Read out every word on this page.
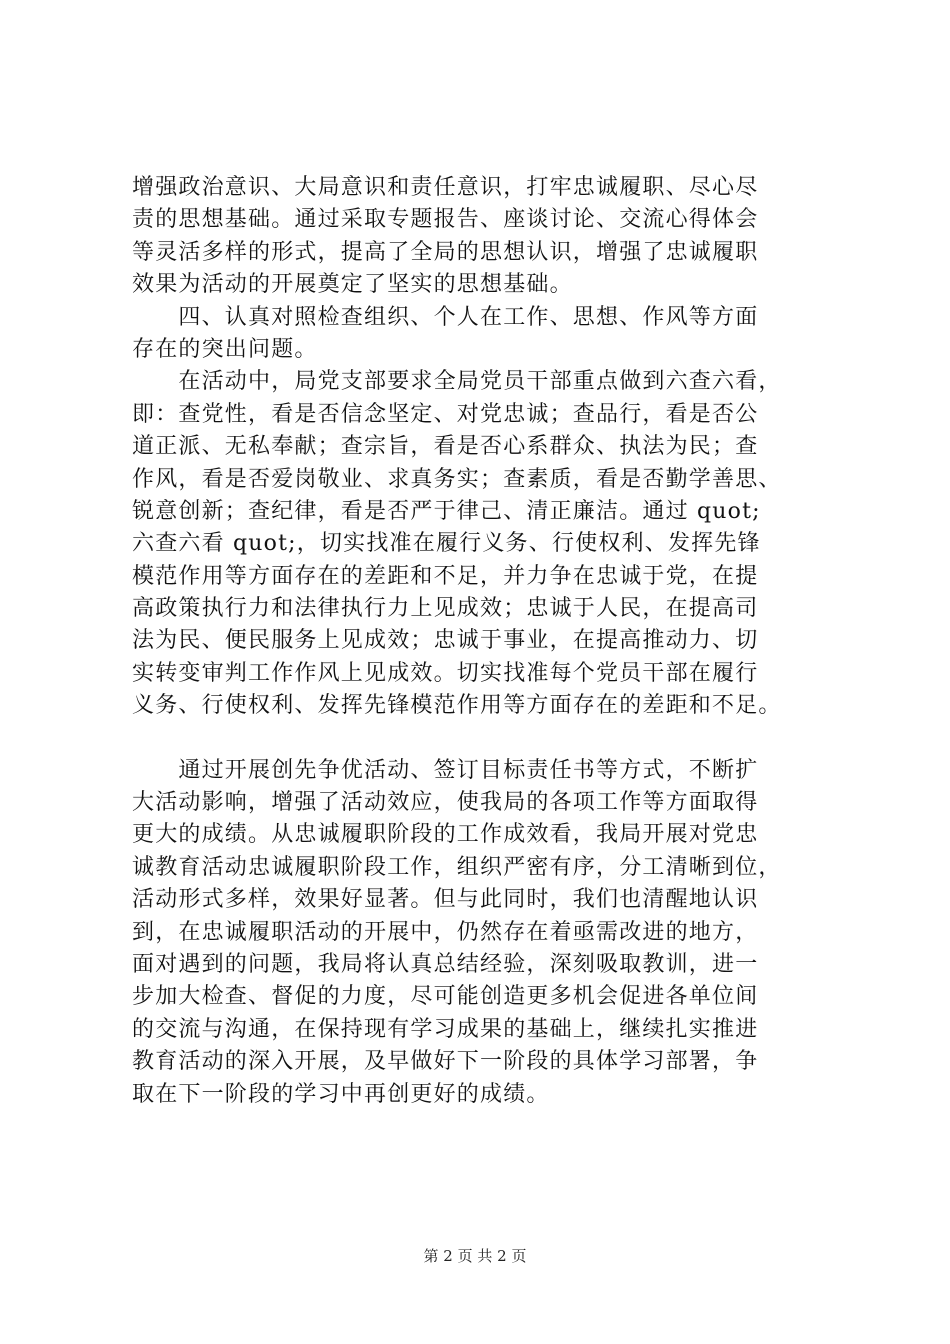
增强政治意识、大局意识和责任意识，打牢忠诚履职、尽心尽
责的思想基础。通过采取专题报告、座谈讨论、交流心得体会
等灵活多样的形式，提高了全局的思想认识，增强了忠诚履职
效果为活动的开展奠定了坚实的思想基础。
　　四、认真对照检查组织、个人在工作、思想、作风等方面
存在的突出问题。
　　在活动中，局党支部要求全局党员干部重点做到六查六看，
即：查党性，看是否信念坚定、对党忠诚；查品行，看是否公
道正派、无私奉献；查宗旨，看是否心系群众、执法为民；查
作风，看是否爱岗敬业、求真务实；查素质，看是否勤学善思、
锐意创新；查纪律，看是否严于律己、清正廉洁。通过 quot;
六查六看 quot;，切实找准在履行义务、行使权利、发挥先锋
模范作用等方面存在的差距和不足，并力争在忠诚于党，在提
高政策执行力和法律执行力上见成效；忠诚于人民，在提高司
法为民、便民服务上见成效；忠诚于事业，在提高推动力、切
实转变审判工作作风上见成效。切实找准每个党员干部在履行
义务、行使权利、发挥先锋模范作用等方面存在的差距和不足。
　　通过开展创先争优活动、签订目标责任书等方式，不断扩
大活动影响，增强了活动效应，使我局的各项工作等方面取得
更大的成绩。从忠诚履职阶段的工作成效看，我局开展对党忠
诚教育活动忠诚履职阶段工作，组织严密有序，分工清晰到位，
活动形式多样，效果好显著。但与此同时，我们也清醒地认识
到，在忠诚履职活动的开展中，仍然存在着亟需改进的地方，
面对遇到的问题，我局将认真总结经验，深刻吸取教训，进一
步加大检查、督促的力度，尽可能创造更多机会促进各单位间
的交流与沟通，在保持现有学习成果的基础上，继续扎实推进
教育活动的深入开展，及早做好下一阶段的具体学习部署，争
取在下一阶段的学习中再创更好的成绩。
第 2 页 共 2 页
